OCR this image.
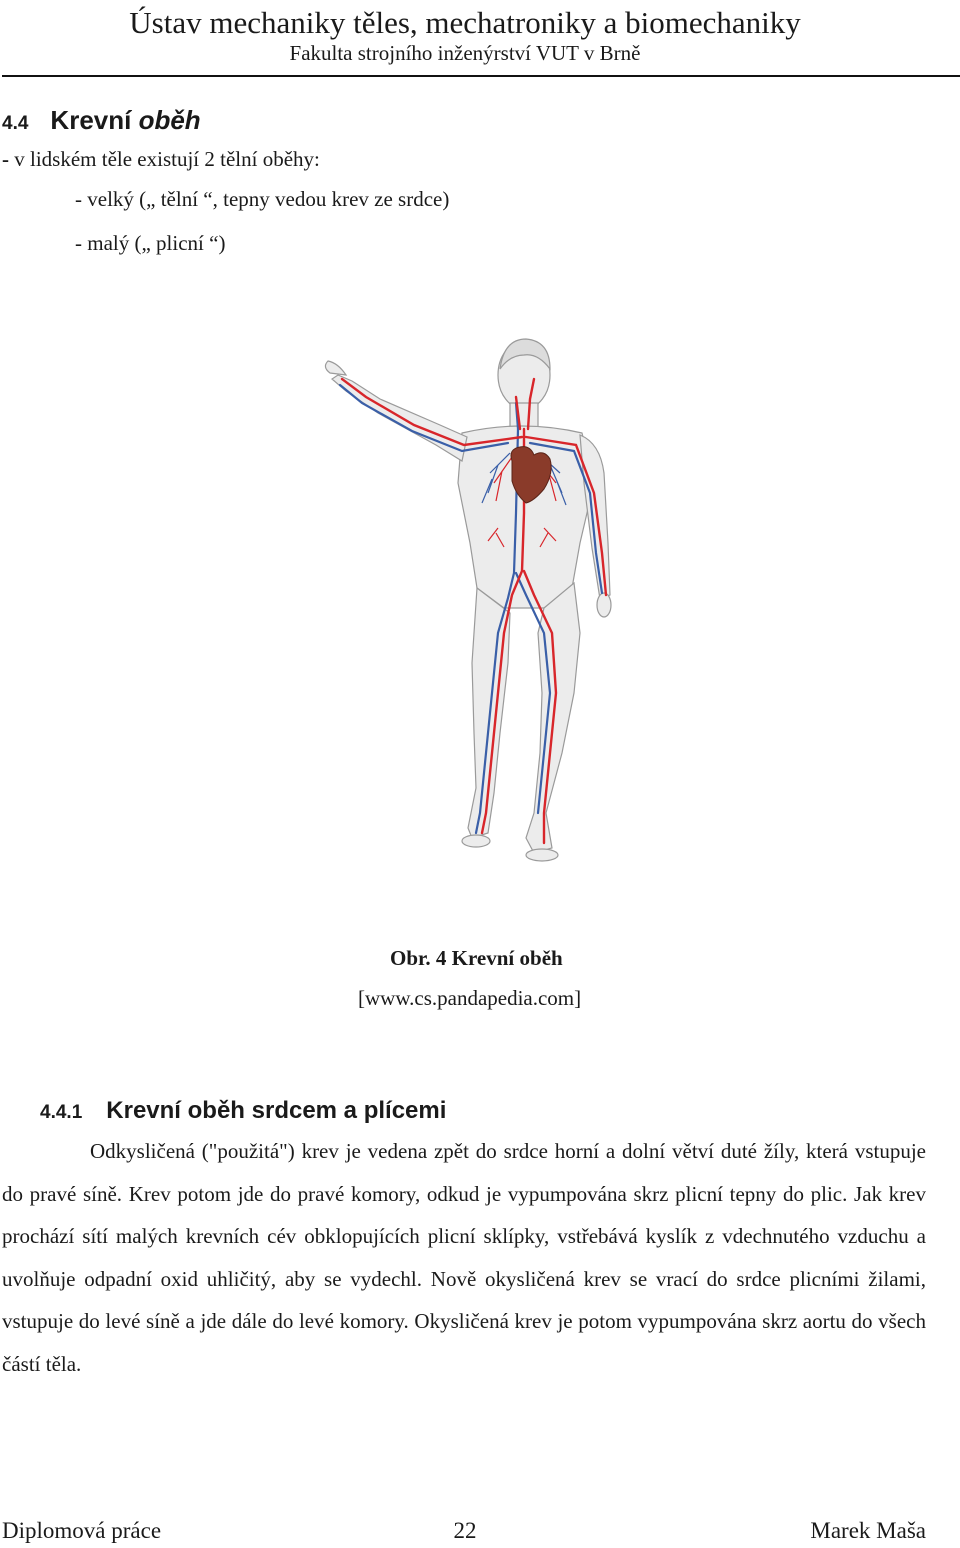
Ústav mechaniky těles, mechatroniky a biomechaniky
Fakulta strojního inženýrství VUT v Brně
4.4 Krevní oběh
- v lidském těle existují 2 tělní oběhy:
- velký („ tělní “, tepny vedou krev ze srdce)
- malý („ plicní “)
Obr. 4 Krevní oběh
[www.cs.pandapedia.com]
4.4.1 Krevní oběh srdcem a plícemi
Odkysličená ("použitá") krev je vedena zpět do srdce horní a dolní větví duté žíly, která vstupuje do pravé síně. Krev potom jde do pravé komory, odkud je vypumpována skrz plicní tepny do plic. Jak krev prochází sítí malých krevních cév obklopujících plicní sklípky, vstřebává kyslík z vdechnutého vzduchu a uvolňuje odpadní oxid uhličitý, aby se vydechl. Nově okysličená krev se vrací do srdce plicními žilami, vstupuje do levé síně a jde dále do levé komory. Okysličená krev je potom vypumpována skrz aortu do všech částí těla.
Diplomová práce	22	Marek Maša
